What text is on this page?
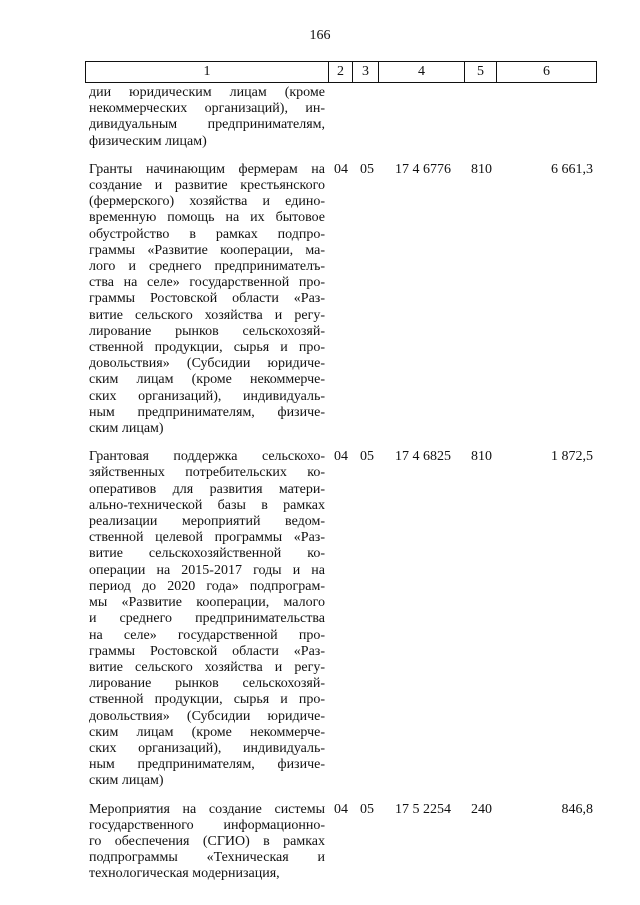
166
1	2	3	4	5	6
дии юридическим лицам (кроме
некоммерческих организаций), ин-
дивидуальным предпринимателям,
физическим лицам)
Гранты начинающим фермерам на
создание и развитие крестьянского
(фермерского) хозяйства и едино-
временную помощь на их бытовое
обустройство в рамках подпро-
граммы «Развитие кооперации, ма-
лого и среднего предпринимателъ-
ства на селе» государственной про-
граммы Ростовской области «Раз-
витие сельского хозяйства и регу-
лирование рынков сельскохозяй-
ственной продукции, сырья и про-
довольствия» (Субсидии юридиче-
ским лицам (кроме некоммерче-
ских организаций), индивидуаль-
ным предпринимателям, физиче-
ским лицам)
04 05	17 4 6776	810	6 661,3
Грантовая поддержка сельскохо-
зяйственных потребительских ко-
оперативов для развития матери-
ально-технической базы в рамках
реализации мероприятий ведом-
ственной целевой программы «Раз-
витие сельскохозяйственной ко-
операции на 2015-2017 годы и на
период до 2020 года» подпрограм-
мы «Развитие кооперации, малого
и среднего предпринимательства
на селе» государственной про-
граммы Ростовской области «Раз-
витие сельского хозяйства и регу-
лирование рынков сельскохозяй-
ственной продукции, сырья и про-
довольствия» (Субсидии юридиче-
ским лицам (кроме некоммерче-
ских организаций), индивидуаль-
ным предпринимателям, физиче-
ским лицам)
04 05	17 4 6825	810	1 872,5
Мероприятия на создание системы
государственного информационно-
го обеспечения (СГИО) в рамках
подпрограммы «Техническая и
технологическая модернизация,
04 05	17 5 2254	240	846,8
